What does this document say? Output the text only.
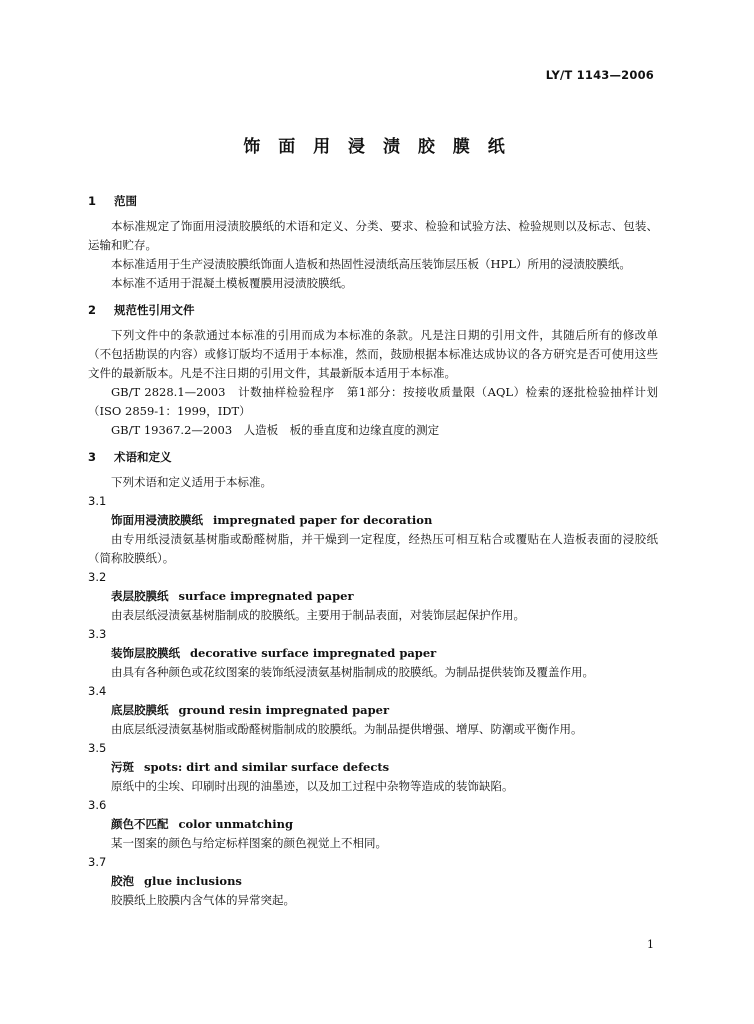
LY/T 1143—2006
饰 面 用 浸 渍 胶 膜 纸

1 范围

本标准规定了饰面用浸渍胶膜纸的术语和定义、分类、要求、检验和试验方法、检验规则以及标志、包装、运输和贮存。

本标准适用于生产浸渍胶膜纸饰面人造板和热固性浸渍纸高压装饰层压板（HPL）所用的浸渍胶膜纸。

本标准不适用于混凝土模板覆膜用浸渍胶膜纸。

2 规范性引用文件

下列文件中的条款通过本标准的引用而成为本标准的条款。凡是注日期的引用文件，其随后所有的修改单（不包括勘误的内容）或修订版均不适用于本标准，然而，鼓励根据本标准达成协议的各方研究是否可使用这些文件的最新版本。凡是不注日期的引用文件，其最新版本适用于本标准。

GB/T 2828.1—2003　计数抽样检验程序　第1部分：按接收质量限（AQL）检索的逐批检验抽样计划（ISO 2859-1：1999，IDT）

GB/T 19367.2—2003　人造板　板的垂直度和边缘直度的测定

3 术语和定义

下列术语和定义适用于本标准。

3.1

饰面用浸渍胶膜纸 impregnated paper for decoration

由专用纸浸渍氨基树脂或酚醛树脂，并干燥到一定程度，经热压可相互粘合或覆贴在人造板表面的浸胶纸（简称胶膜纸）。

3.2

表层胶膜纸 surface impregnated paper

由表层纸浸渍氨基树脂制成的胶膜纸。主要用于制品表面，对装饰层起保护作用。

3.3

装饰层胶膜纸 decorative surface impregnated paper

由具有各种颜色或花纹图案的装饰纸浸渍氨基树脂制成的胶膜纸。为制品提供装饰及覆盖作用。

3.4

底层胶膜纸 ground resin impregnated paper

由底层纸浸渍氨基树脂或酚醛树脂制成的胶膜纸。为制品提供增强、增厚、防潮或平衡作用。

3.5

污斑 spots: dirt and similar surface defects

原纸中的尘埃、印刷时出现的油墨迹，以及加工过程中杂物等造成的装饰缺陷。

3.6

颜色不匹配 color unmatching

某一图案的颜色与给定标样图案的颜色视觉上不相同。

3.7

胶泡 glue inclusions

胶膜纸上胶膜内含气体的异常突起。

1
